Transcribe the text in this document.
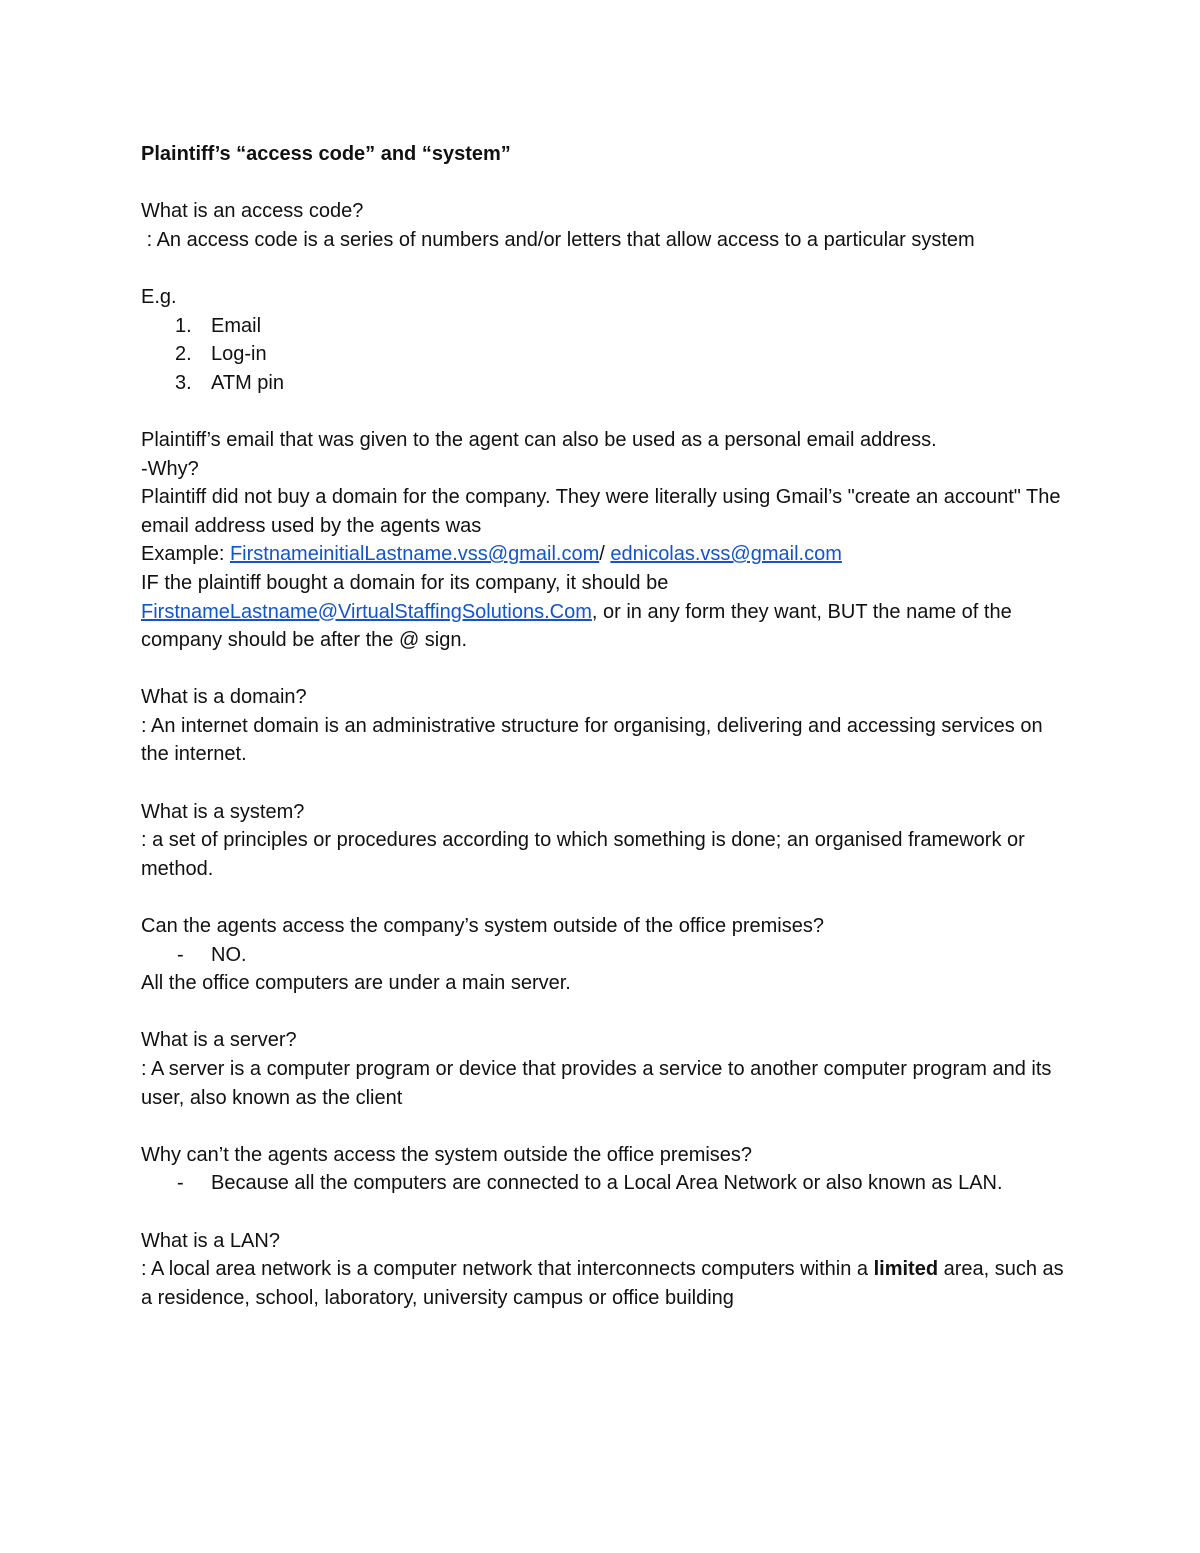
Plaintiff’s “access code” and “system”

What is an access code?

: An access code is a series of numbers and/or letters that allow access to a particular system

E.g.

1. Email
2. Log-in
3. ATM pin

Plaintiff’s email that was given to the agent can also be used as a personal email address.

-Why?

Plaintiff did not buy a domain for the company. They were literally using Gmail’s "create an account" The email address used by the agents was

Example: FirstnameinitialLastname.vss@gmail.com/ ednicolas.vss@gmail.com

IF the plaintiff bought a domain for its company, it should be

FirstnameLastname@VirtualStaffingSolutions.Com, or in any form they want, BUT the name of the company should be after the @ sign.

What is a domain?

: An internet domain is an administrative structure for organising, delivering and accessing services on the internet.

What is a system?

: a set of principles or procedures according to which something is done; an organised framework or method.

Can the agents access the company’s system outside of the office premises?

-	NO.

All the office computers are under a main server.

What is a server?

: A server is a computer program or device that provides a service to another computer program and its user, also known as the client

Why can’t the agents access the system outside the office premises?

-	Because all the computers are connected to a Local Area Network or also known as LAN.

What is a LAN?

: A local area network is a computer network that interconnects computers within a limited area, such as a residence, school, laboratory, university campus or office building
